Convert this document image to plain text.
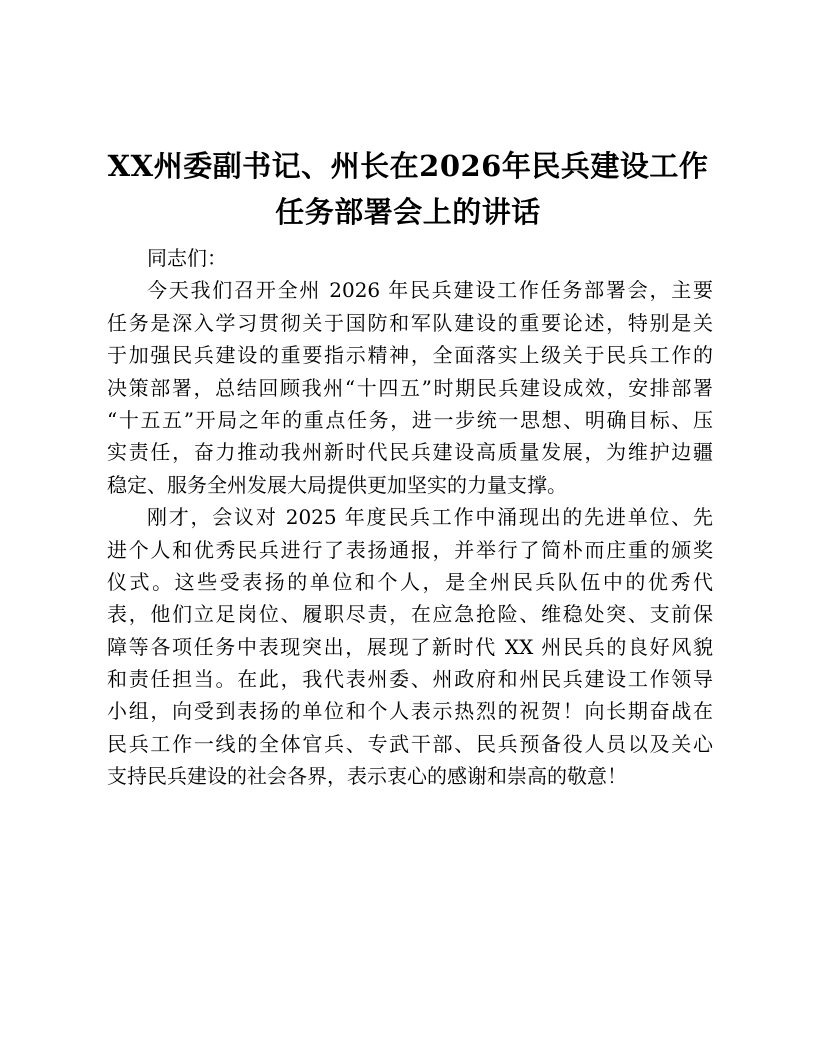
XX州委副书记、州长在2026年民兵建设工作
任务部署会上的讲话
同志们：
今天我们召开全州 2026 年民兵建设工作任务部署会，主要
任务是深入学习贯彻关于国防和军队建设的重要论述，特别是关
于加强民兵建设的重要指示精神，全面落实上级关于民兵工作的
决策部署，总结回顾我州“十四五”时期民兵建设成效，安排部署
“十五五”开局之年的重点任务，进一步统一思想、明确目标、压
实责任，奋力推动我州新时代民兵建设高质量发展，为维护边疆
稳定、服务全州发展大局提供更加坚实的力量支撑。
刚才，会议对 2025 年度民兵工作中涌现出的先进单位、先
进个人和优秀民兵进行了表扬通报，并举行了简朴而庄重的颁奖
仪式。这些受表扬的单位和个人，是全州民兵队伍中的优秀代
表，他们立足岗位、履职尽责，在应急抢险、维稳处突、支前保
障等各项任务中表现突出，展现了新时代 XX 州民兵的良好风貌
和责任担当。在此，我代表州委、州政府和州民兵建设工作领导
小组，向受到表扬的单位和个人表示热烈的祝贺！向长期奋战在
民兵工作一线的全体官兵、专武干部、民兵预备役人员以及关心
支持民兵建设的社会各界，表示衷心的感谢和崇高的敬意！
